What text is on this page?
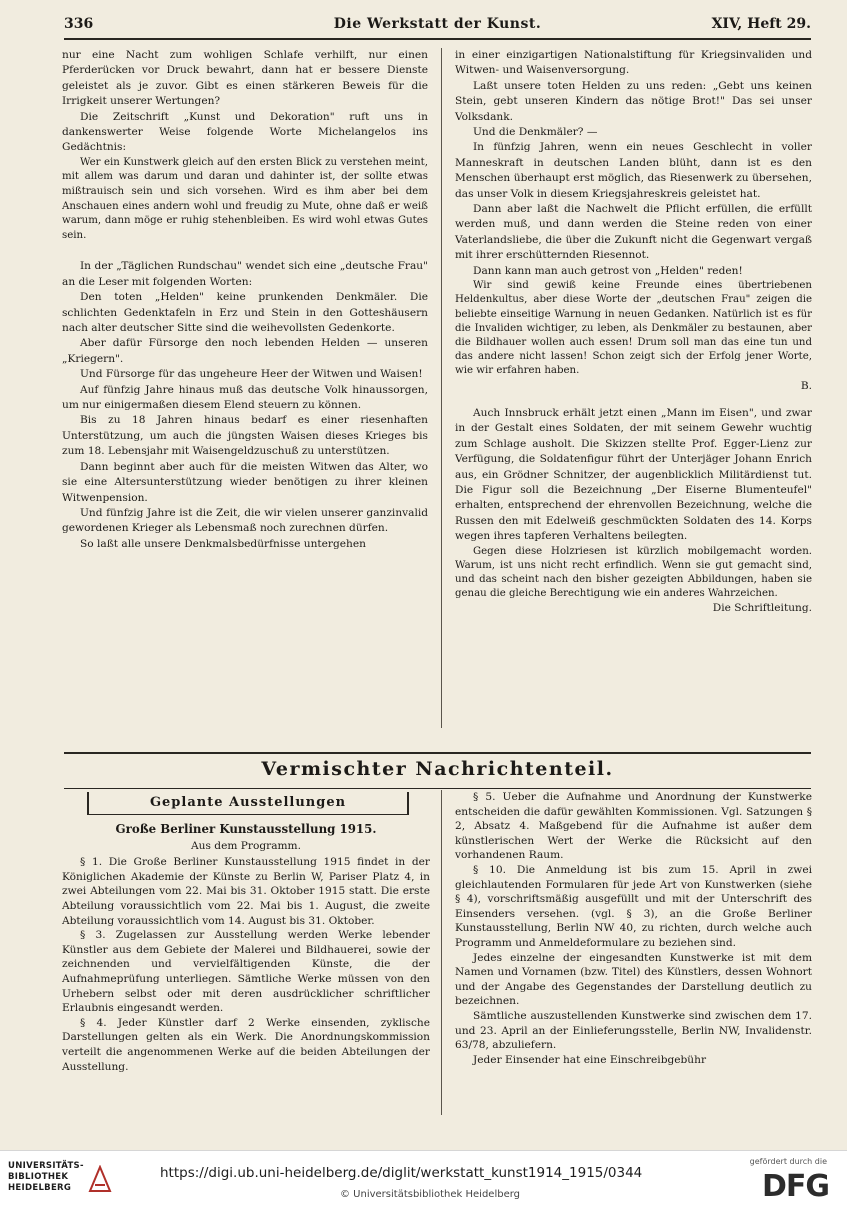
336	Die Werkstatt der Kunst.	XIV, Heft 29.

nur eine Nacht zum wohligen Schlafe verhilft, nur einen Pferderücken vor Druck bewahrt, dann hat er bessere Dienste geleistet als je zuvor. Gibt es einen stärkeren Beweis für die Irrigkeit unserer Wertungen?

Die Zeitschrift „Kunst und Dekoration" ruft uns in dankenswerter Weise folgende Worte Michelangelos ins Gedächtnis:

Wer ein Kunstwerk gleich auf den ersten Blick zu verstehen meint, mit allem was darum und daran und dahinter ist, der sollte etwas mißtrauisch sein und sich vorsehen. Wird es ihm aber bei dem Anschauen eines andern wohl und freudig zu Mute, ohne daß er weiß warum, dann möge er ruhig stehenbleiben. Es wird wohl etwas Gutes sein.

In der „Täglichen Rundschau" wendet sich eine „deutsche Frau" an die Leser mit folgenden Worten:

Den toten „Helden" keine prunkenden Denkmäler. Die schlichten Gedenktafeln in Erz und Stein in den Gotteshäusern nach alter deutscher Sitte sind die weihevollsten Gedenkorte.

Aber dafür Fürsorge den noch lebenden Helden — unseren „Kriegern".

Und Fürsorge für das ungeheure Heer der Witwen und Waisen!

Auf fünfzig Jahre hinaus muß das deutsche Volk hinaussorgen, um nur einigermaßen diesem Elend steuern zu können.

Bis zu 18 Jahren hinaus bedarf es einer riesenhaften Unterstützung, um auch die jüngsten Waisen dieses Krieges bis zum 18. Lebensjahr mit Waisengeldzuschuß zu unterstützen.

Dann beginnt aber auch für die meisten Witwen das Alter, wo sie eine Altersunterstützung wieder benötigen zu ihrer kleinen Witwenpension.

Und fünfzig Jahre ist die Zeit, die wir vielen unserer ganzinvalid gewordenen Krieger als Lebensmaß noch zurechnen dürfen.

So laßt alle unsere Denkmalsbedürfnisse untergehen

in einer einzigartigen Nationalstiftung für Kriegsinvaliden und Witwen- und Waisenversorgung.

Laßt unsere toten Helden zu uns reden: „Gebt uns keinen Stein, gebt unseren Kindern das nötige Brot!" Das sei unser Volksdank.

Und die Denkmäler? —

In fünfzig Jahren, wenn ein neues Geschlecht in voller Manneskraft in deutschen Landen blüht, dann ist es den Menschen überhaupt erst möglich, das Riesenwerk zu übersehen, das unser Volk in diesem Kriegsjahreskreis geleistet hat.

Dann aber laßt die Nachwelt die Pflicht erfüllen, die erfüllt werden muß, und dann werden die Steine reden von einer Vaterlandsliebe, die über die Zukunft nicht die Gegenwart vergaß mit ihrer erschütternden Riesennot.

Dann kann man auch getrost von „Helden" reden!

Wir sind gewiß keine Freunde eines übertriebenen Heldenkultus, aber diese Worte der „deutschen Frau" zeigen die beliebte einseitige Warnung in neuen Gedanken. Natürlich ist es für die Invaliden wichtiger, zu leben, als Denkmäler zu bestaunen, aber die Bildhauer wollen auch essen! Drum soll man das eine tun und das andere nicht lassen! Schon zeigt sich der Erfolg jener Worte, wie wir erfahren haben.

B.

Auch Innsbruck erhält jetzt einen „Mann im Eisen", und zwar in der Gestalt eines Soldaten, der mit seinem Gewehr wuchtig zum Schlage ausholt. Die Skizzen stellte Prof. Egger-Lienz zur Verfügung, die Soldatenfigur führt der Unterjäger Johann Enrich aus, ein Grödner Schnitzer, der augenblicklich Militärdienst tut. Die Figur soll die Bezeichnung „Der Eiserne Blumenteufel" erhalten, entsprechend der ehrenvollen Bezeichnung, welche die Russen den mit Edelweiß geschmückten Soldaten des 14. Korps wegen ihres tapferen Verhaltens beilegten.

Gegen diese Holzriesen ist kürzlich mobilgemacht worden. Warum, ist uns nicht recht erfindlich. Wenn sie gut gemacht sind, und das scheint nach den bisher gezeigten Abbildungen, haben sie genau die gleiche Berechtigung wie ein anderes Wahrzeichen.

Die Schriftleitung.

Vermischter Nachrichtenteil.
Geplante Ausstellungen

Große Berliner Kunstausstellung 1915.

Aus dem Programm.

§ 1. Die Große Berliner Kunstausstellung 1915 findet in der Königlichen Akademie der Künste zu Berlin W, Pariser Platz 4, in zwei Abteilungen vom 22. Mai bis 31. Oktober 1915 statt. Die erste Abteilung voraussichtlich vom 22. Mai bis 1. August, die zweite Abteilung voraussichtlich vom 14. August bis 31. Oktober.

§ 3. Zugelassen zur Ausstellung werden Werke lebender Künstler aus dem Gebiete der Malerei und Bildhauerei, sowie der zeichnenden und vervielfältigenden Künste, die der Aufnahmeprüfung unterliegen. Sämtliche Werke müssen von den Urhebern selbst oder mit deren ausdrücklicher schriftlicher Erlaubnis eingesandt werden.

§ 4. Jeder Künstler darf 2 Werke einsenden, zyklische Darstellungen gelten als ein Werk. Die Anordnungskommission verteilt die angenommenen Werke auf die beiden Abteilungen der Ausstellung.

§ 5. Ueber die Aufnahme und Anordnung der Kunstwerke entscheiden die dafür gewählten Kommissionen. Vgl. Satzungen § 2, Absatz 4. Maßgebend für die Aufnahme ist außer dem künstlerischen Wert der Werke die Rücksicht auf den vorhandenen Raum.

§ 10. Die Anmeldung ist bis zum 15. April in zwei gleichlautenden Formularen für jede Art von Kunstwerken (siehe § 4), vorschriftsmäßig ausgefüllt und mit der Unterschrift des Einsenders versehen. (vgl. § 3), an die Große Berliner Kunstausstellung, Berlin NW 40, zu richten, durch welche auch Programm und Anmeldeformulare zu beziehen sind.

Jedes einzelne der eingesandten Kunstwerke ist mit dem Namen und Vornamen (bzw. Titel) des Künstlers, dessen Wohnort und der Angabe des Gegenstandes der Darstellung deutlich zu bezeichnen.

Sämtliche auszustellenden Kunstwerke sind zwischen dem 17. und 23. April an der Einlieferungsstelle, Berlin NW, Invalidenstr. 63/78, abzuliefern.

Jeder Einsender hat eine Einschreibgebühr

UNIVERSITÄTS-
BIBLIOTHEK
HEIDELBERG
https://digi.ub.uni-heidelberg.de/diglit/werkstatt_kunst1914_1915/0344
© Universitätsbibliothek Heidelberg
gefördert durch die
DFG
